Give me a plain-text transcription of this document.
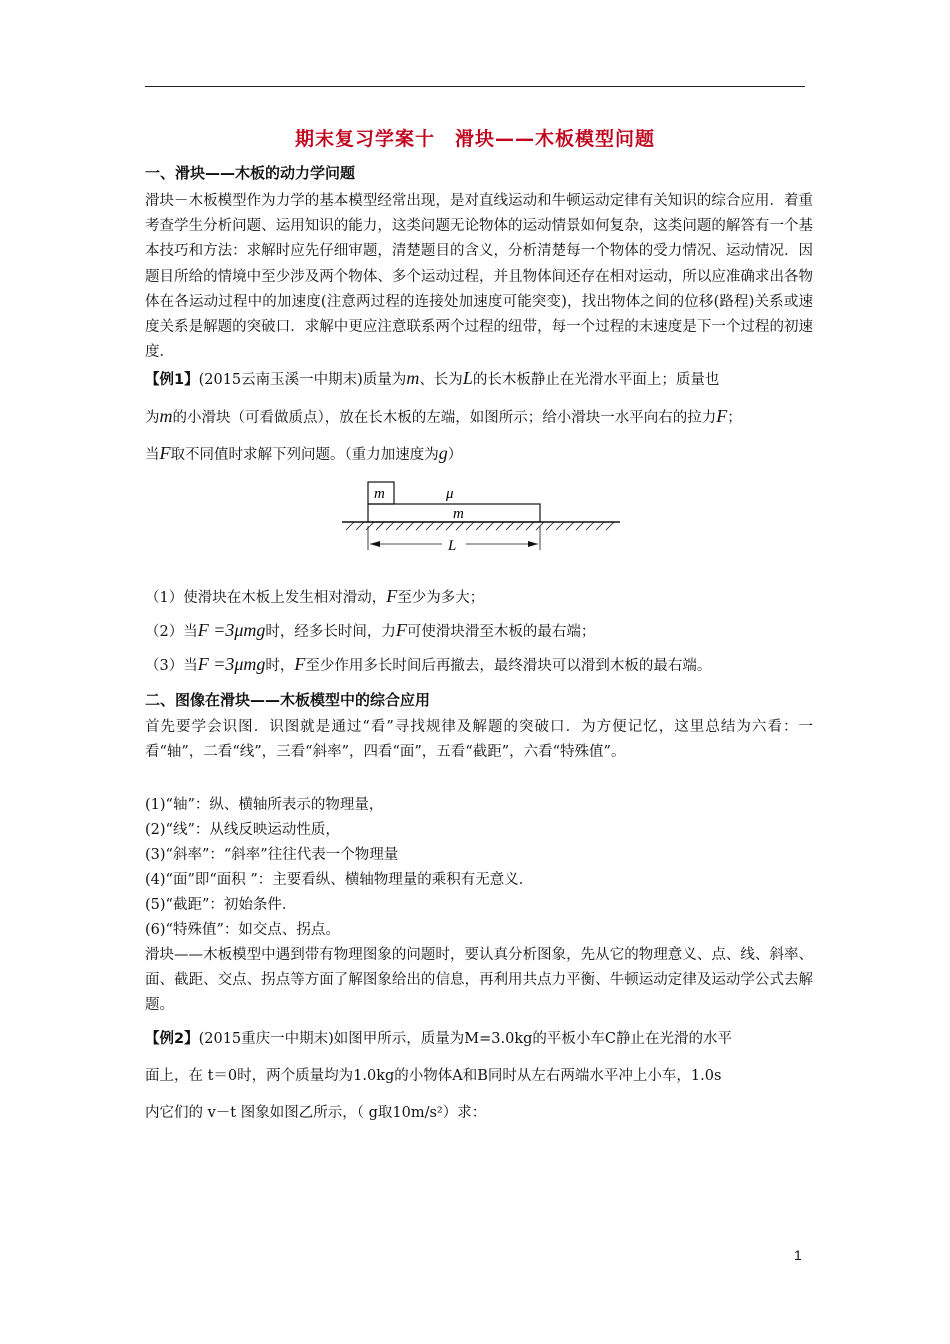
期末复习学案十　滑块——木板模型问题
一、滑块——木板的动力学问题
滑块－木板模型作为力学的基本模型经常出现，是对直线运动和牛顿运动定律有关知识的综合应用．着重考查学生分析问题、运用知识的能力，这类问题无论物体的运动情景如何复杂，这类问题的解答有一个基本技巧和方法：求解时应先仔细审题，清楚题目的含义，分析清楚每一个物体的受力情况、运动情况．因题目所给的情境中至少涉及两个物体、多个运动过程，并且物体间还存在相对运动，所以应准确求出各物体在各运动过程中的加速度(注意两过程的连接处加速度可能突变)，找出物体之间的位移(路程)关系或速度关系是解题的突破口．求解中更应注意联系两个过程的纽带，每一个过程的末速度是下一个过程的初速度．
【例1】(2015云南玉溪一中期末)质量为m、长为L的长木板静止在光滑水平面上；质量也
为m的小滑块（可看做质点），放在长木板的左端，如图所示；给小滑块一水平向右的拉力F；
当F取不同值时求解下列问题。（重力加速度为g）
m	μ
m
L
（1）使滑块在木板上发生相对滑动，F至少为多大；
（2）当F =3μmg时，经多长时间，力F可使滑块滑至木板的最右端；
（3）当F =3μmg时，F至少作用多长时间后再撤去，最终滑块可以滑到木板的最右端。
二、图像在滑块——木板模型中的综合应用
首先要学会识图．识图就是通过“看”寻找规律及解题的突破口．为方便记忆，这里总结为六看：一看“轴”，二看“线”，三看“斜率”，四看“面”，五看“截距”，六看“特殊值”。
(1)“轴”：纵、横轴所表示的物理量，
(2)“线”：从线反映运动性质，
(3)“斜率”：“斜率”往往代表一个物理量
(4)“面”即“面积 ”：主要看纵、横轴物理量的乘积有无意义．
(5)“截距”：初始条件．
(6)“特殊值”：如交点、拐点。
滑块——木板模型中遇到带有物理图象的问题时，要认真分析图象，先从它的物理意义、点、线、斜率、面、截距、交点、拐点等方面了解图象给出的信息，再利用共点力平衡、牛顿运动定律及运动学公式去解题。
【例2】(2015重庆一中期末)如图甲所示，质量为M=3.0kg的平板小车C静止在光滑的水平
面上，在 t＝0时，两个质量均为1.0kg的小物体A和B同时从左右两端水平冲上小车，1.0s
内它们的 v－t 图象如图乙所示，（ g取10m/s²）求：
1
